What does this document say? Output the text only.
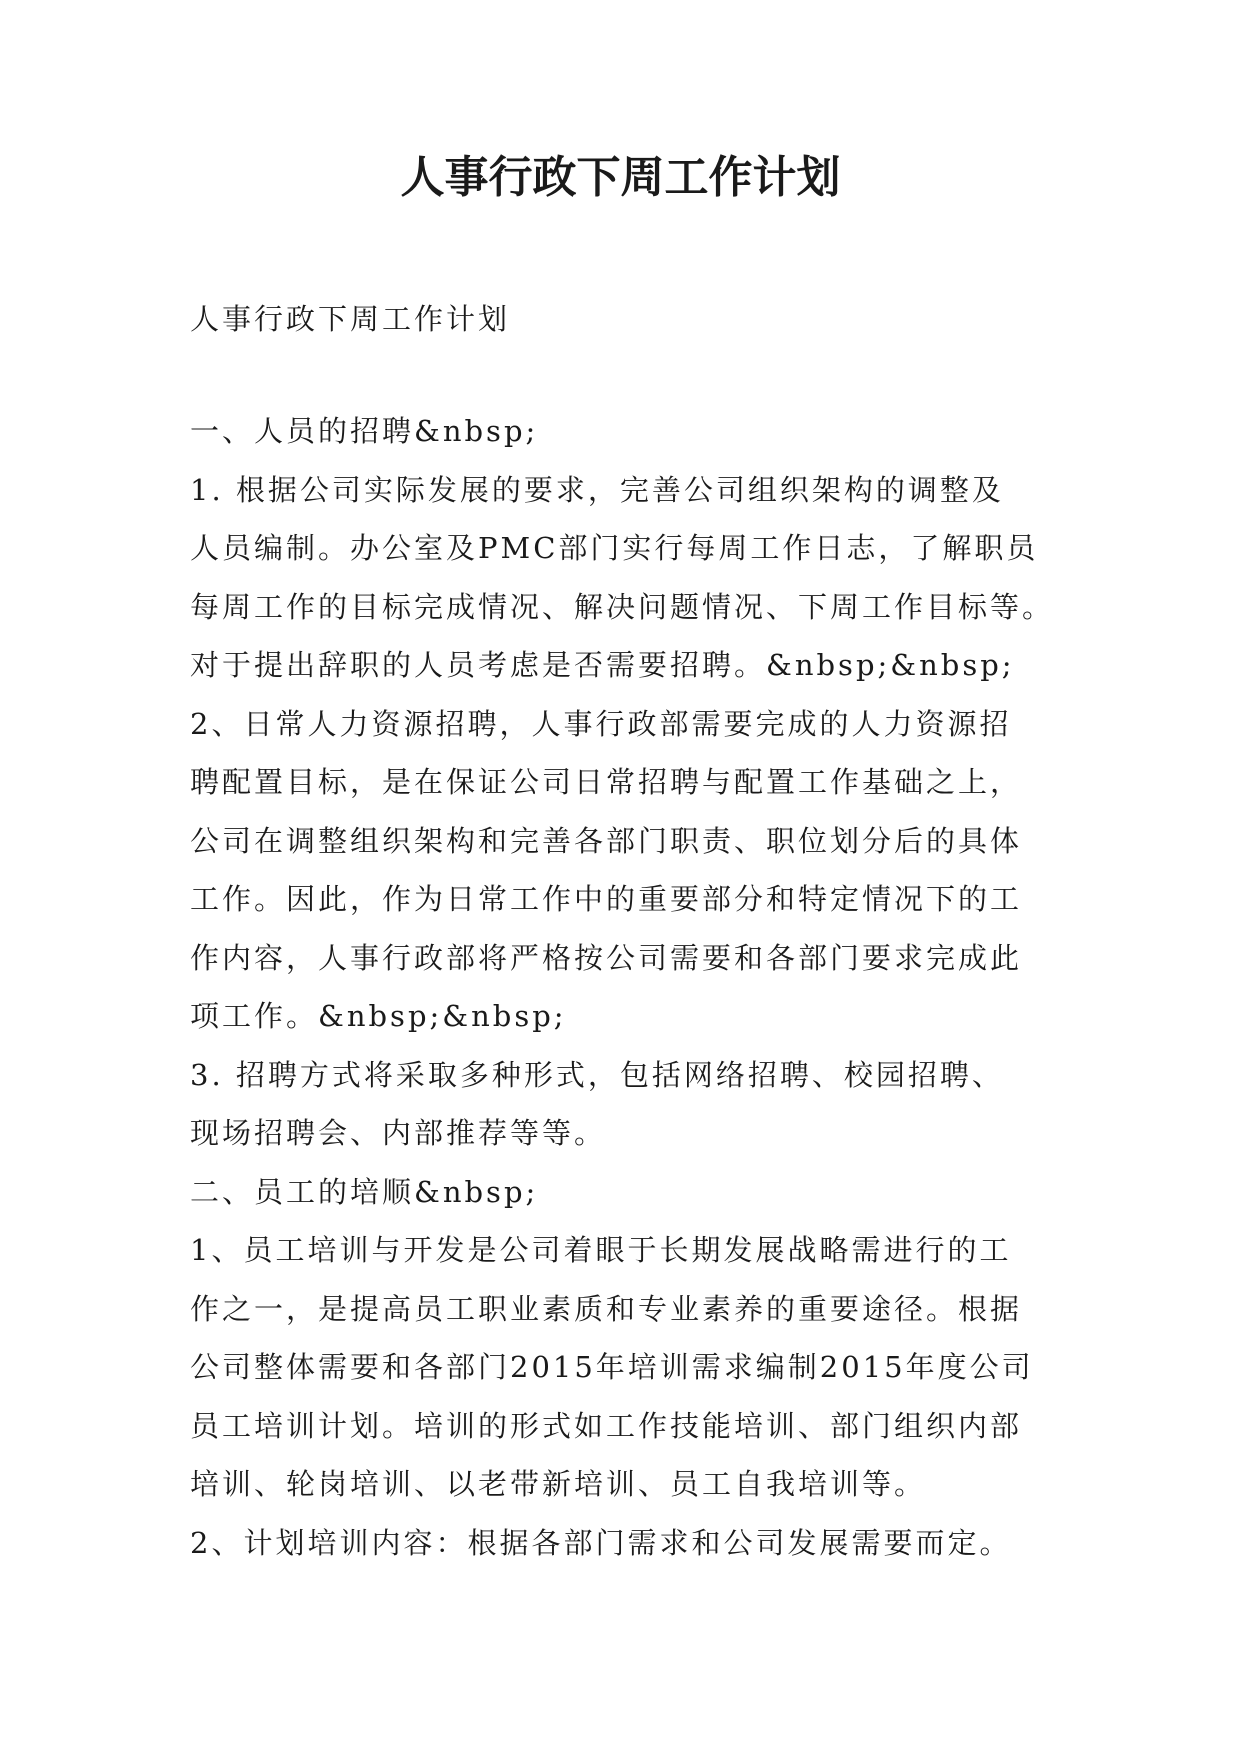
人事行政下周工作计划
人事行政下周工作计划
一、人员的招聘&nbsp;
1. 根据公司实际发展的要求，完善公司组织架构的调整及
人员编制。办公室及PMC部门实行每周工作日志，了解职员
每周工作的目标完成情况、解决问题情况、下周工作目标等。
对于提出辞职的人员考虑是否需要招聘。&nbsp;&nbsp;
2、日常人力资源招聘，人事行政部需要完成的人力资源招
聘配置目标，是在保证公司日常招聘与配置工作基础之上，
公司在调整组织架构和完善各部门职责、职位划分后的具体
工作。因此，作为日常工作中的重要部分和特定情况下的工
作内容，人事行政部将严格按公司需要和各部门要求完成此
项工作。&nbsp;&nbsp;
3. 招聘方式将采取多种形式，包括网络招聘、校园招聘、
现场招聘会、内部推荐等等。
二、员工的培顺&nbsp;
1、员工培训与开发是公司着眼于长期发展战略需进行的工
作之一，是提高员工职业素质和专业素养的重要途径。根据
公司整体需要和各部门2015年培训需求编制2015年度公司
员工培训计划。培训的形式如工作技能培训、部门组织内部
培训、轮岗培训、以老带新培训、员工自我培训等。
2、计划培训内容：根据各部门需求和公司发展需要而定。
